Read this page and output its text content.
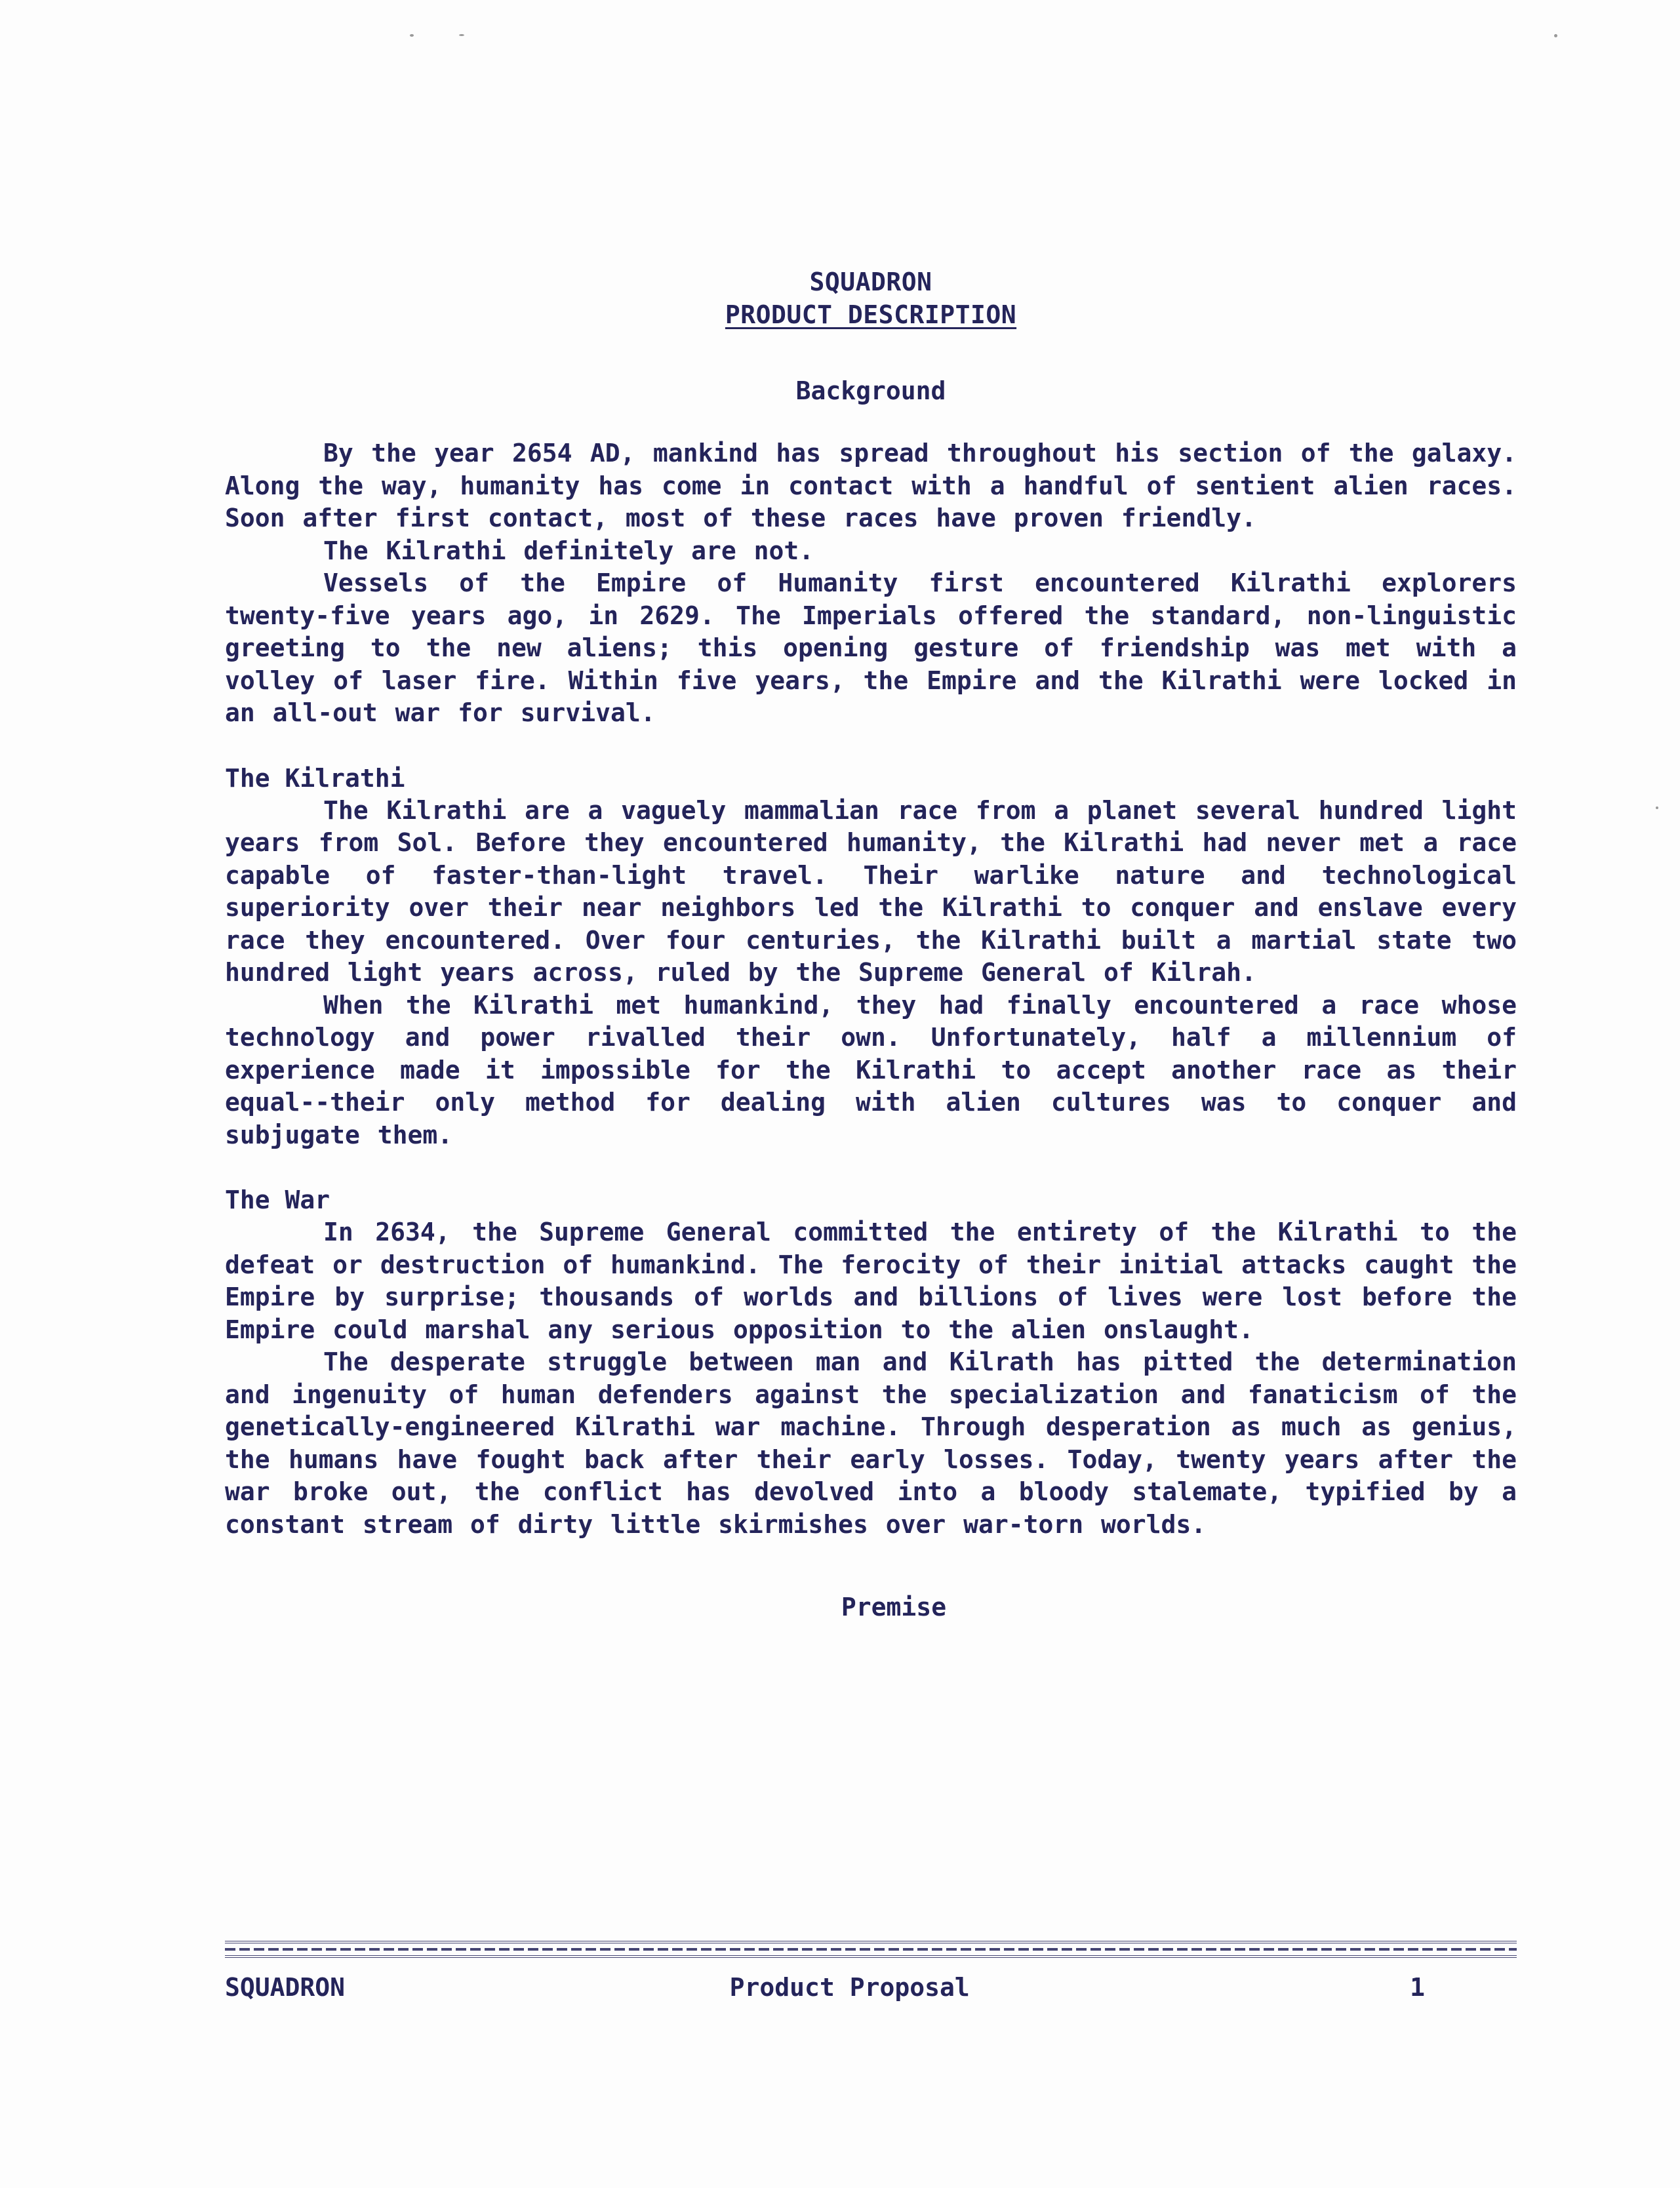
SQUADRON
PRODUCT DESCRIPTION
Background

By the year 2654 AD, mankind has spread throughout his section of the galaxy. Along the way, humanity has come in contact with a handful of sentient alien races. Soon after first contact, most of these races have proven friendly.

The Kilrathi definitely are not.

Vessels of the Empire of Humanity first encountered Kilrathi explorers twenty-five years ago, in 2629. The Imperials offered the standard, non-linguistic greeting to the new aliens; this opening gesture of friendship was met with a volley of laser fire. Within five years, the Empire and the Kilrathi were locked in an all-out war for survival.

The Kilrathi

The Kilrathi are a vaguely mammalian race from a planet several hundred light years from Sol. Before they encountered humanity, the Kilrathi had never met a race capable of faster-than-light travel. Their warlike nature and technological superiority over their near neighbors led the Kilrathi to conquer and enslave every race they encountered. Over four centuries, the Kilrathi built a martial state two hundred light years across, ruled by the Supreme General of Kilrah.

When the Kilrathi met humankind, they had finally encountered a race whose technology and power rivalled their own. Unfortunately, half a millennium of experience made it impossible for the Kilrathi to accept another race as their equal--their only method for dealing with alien cultures was to conquer and subjugate them.

The War

In 2634, the Supreme General committed the entirety of the Kilrathi to the defeat or destruction of humankind. The ferocity of their initial attacks caught the Empire by surprise; thousands of worlds and billions of lives were lost before the Empire could marshal any serious opposition to the alien onslaught.

The desperate struggle between man and Kilrath has pitted the determination and ingenuity of human defenders against the specialization and fanaticism of the genetically-engineered Kilrathi war machine. Through desperation as much as genius, the humans have fought back after their early losses. Today, twenty years after the war broke out, the conflict has devolved into a bloody stalemate, typified by a constant stream of dirty little skirmishes over war-torn worlds.

Premise
SQUADRON	Product Proposal	1
